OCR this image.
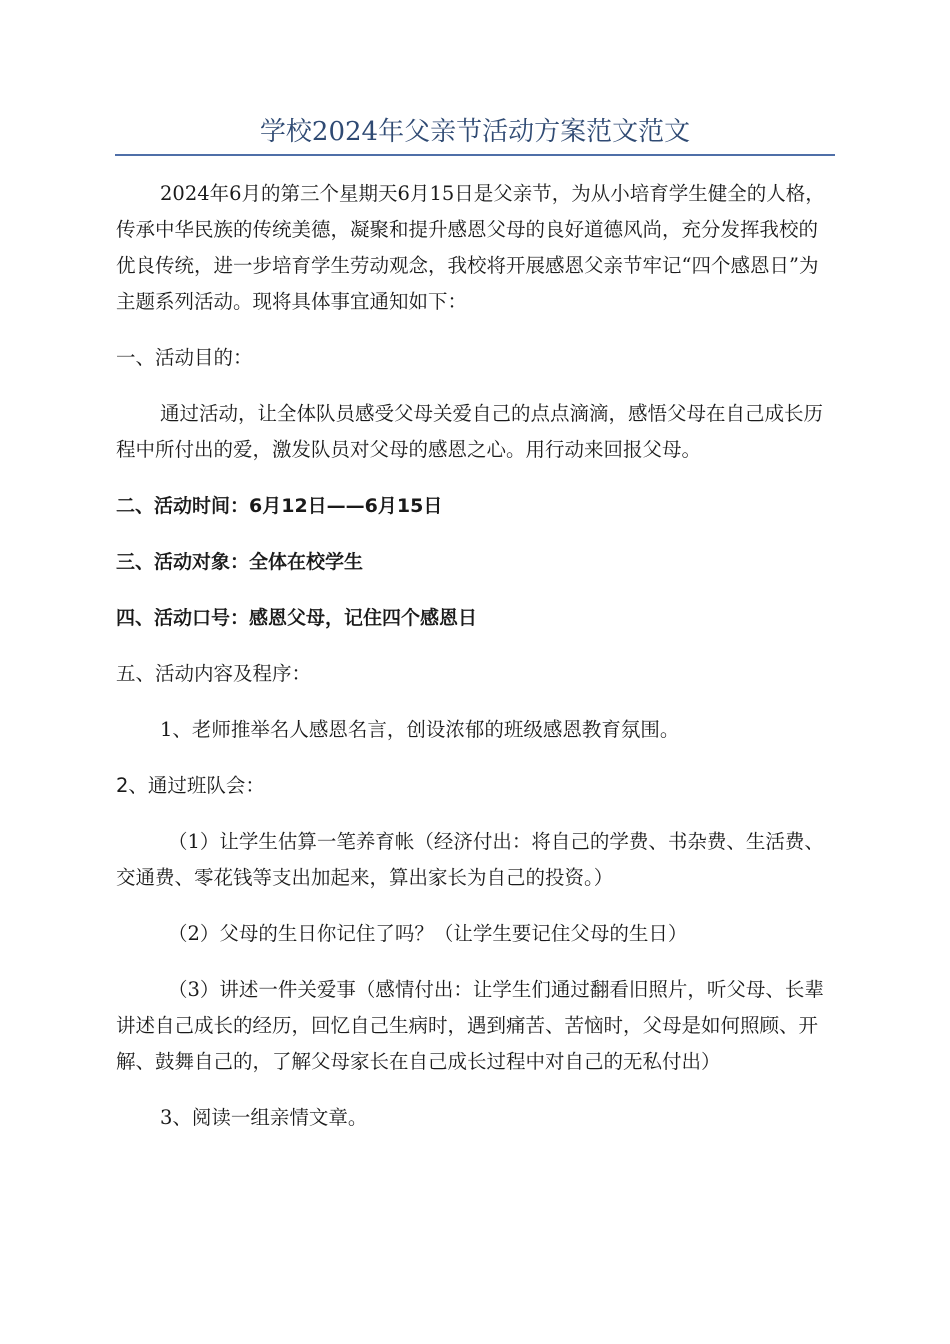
学校2024年父亲节活动方案范文范文

2024年6月的第三个星期天6月15日是父亲节，为从小培育学生健全的人格，传承中华民族的传统美德，凝聚和提升感恩父母的良好道德风尚，充分发挥我校的优良传统，进一步培育学生劳动观念，我校将开展感恩父亲节牢记“四个感恩日”为主题系列活动。现将具体事宜通知如下：

一、活动目的：

通过活动，让全体队员感受父母关爱自己的点点滴滴，感悟父母在自己成长历程中所付出的爱，激发队员对父母的感恩之心。用行动来回报父母。

二、活动时间：6月12日——6月15日

三、活动对象：全体在校学生

四、活动口号：感恩父母，记住四个感恩日

五、活动内容及程序：

1、老师推举名人感恩名言，创设浓郁的班级感恩教育氛围。

2、通过班队会：

（1）让学生估算一笔养育帐（经济付出：将自己的学费、书杂费、生活费、交通费、零花钱等支出加起来，算出家长为自己的投资。）

（2）父母的生日你记住了吗？（让学生要记住父母的生日）

（3）讲述一件关爱事（感情付出：让学生们通过翻看旧照片，听父母、长辈讲述自己成长的经历，回忆自己生病时，遇到痛苦、苦恼时，父母是如何照顾、开解、鼓舞自己的，了解父母家长在自己成长过程中对自己的无私付出）

3、阅读一组亲情文章。
